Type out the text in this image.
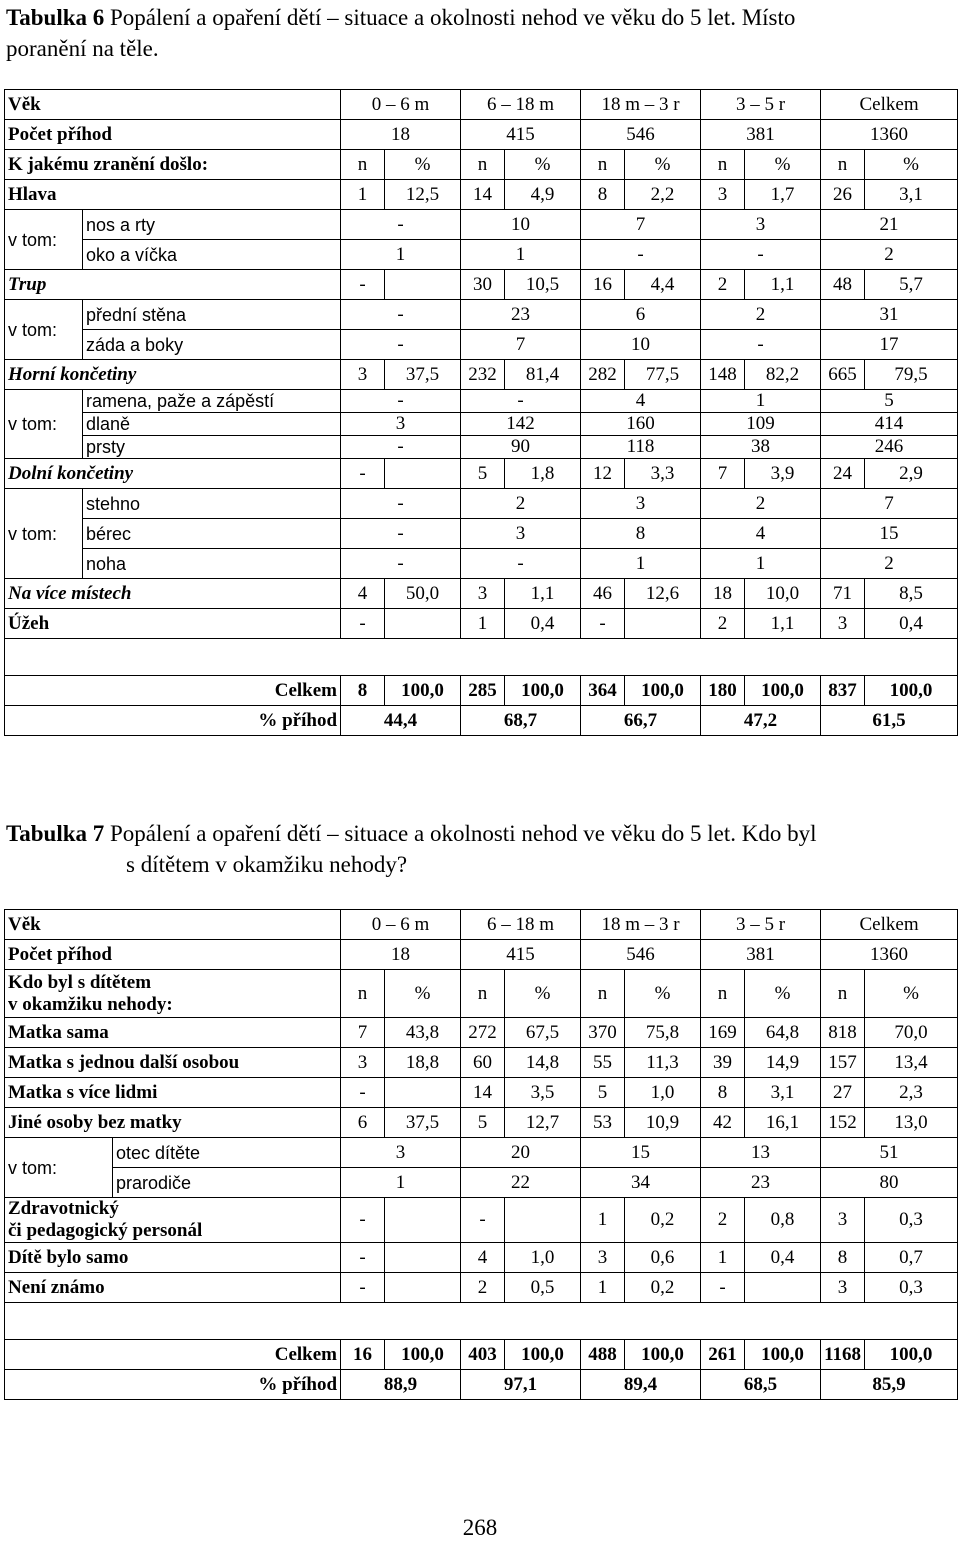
Tabulka 6 Popálení a opaření dětí – situace a okolnosti nehod ve věku do 5 let. Místo
poranění na těle.
Věk		0 – 6 m		6 – 18 m		18 m – 3 r		3 – 5 r		Celkem	
Počet příhod		18		415		546		381		1360	
K jakému zranění došlo:		n	%	n	%	n	%	n	%	n	%
Hlava		1	12,5	14	4,9	8	2,2	3	1,7	26	3,1
v tom:	nos a rty	-		10		7		3		21	
	oko a víčka	1		1		-		-		2	
Trup		-		30	10,5	16	4,4	2	1,1	48	5,7
v tom:	přední stěna	-		23		6		2		31	
	záda a boky	-		7		10		-		17	
Horní končetiny		3	37,5	232	81,4	282	77,5	148	82,2	665	79,5
v tom:	ramena, paže a zápěstí	-		-		4		1		5	
	dlaně	3		142		160		109		414	
	prsty	-		90		118		38		246	
Dolní končetiny		-		5	1,8	12	3,3	7	3,9	24	2,9
v tom:	stehno	-		2		3		2		7	
	bérec	-		3		8		4		15	
	noha	-		-		1		1		2	
Na více místech		4	50,0	3	1,1	46	12,6	18	10,0	71	8,5
Úžeh		-		1	0,4	-		2	1,1	3	0,4

Celkem		8	100,0	285	100,0	364	100,0	180	100,0	837	100,0
% příhod		44,4		68,7		66,7		47,2		61,5	
Tabulka 7 Popálení a opaření dětí – situace a okolnosti nehod ve věku do 5 let. Kdo byl
s dítětem v okamžiku nehody?
Věk		0 – 6 m		6 – 18 m		18 m – 3 r		3 – 5 r		Celkem	
Počet příhod		18		415		546		381		1360	
Kdo byl s dítětem
v okamžiku nehody:		n	%	n	%	n	%	n	%	n	%
Matka sama		7	43,8	272	67,5	370	75,8	169	64,8	818	70,0
Matka s jednou další osobou		3	18,8	60	14,8	55	11,3	39	14,9	157	13,4
Matka s více lidmi		-		14	3,5	5	1,0	8	3,1	27	2,3
Jiné osoby bez matky		6	37,5	5	12,7	53	10,9	42	16,1	152	13,0
v tom:	otec dítěte	3		20		15		13		51	
	prarodiče	1		22		34		23		80	
Zdravotnický
či pedagogický personál		-		-		1	0,2	2	0,8	3	0,3
Dítě bylo samo		-		4	1,0	3	0,6	1	0,4	8	0,7
Není známo		-		2	0,5	1	0,2	-		3	0,3

Celkem		16	100,0	403	100,0	488	100,0	261	100,0	1168	100,0
% příhod		88,9		97,1		89,4		68,5		85,9	
268
